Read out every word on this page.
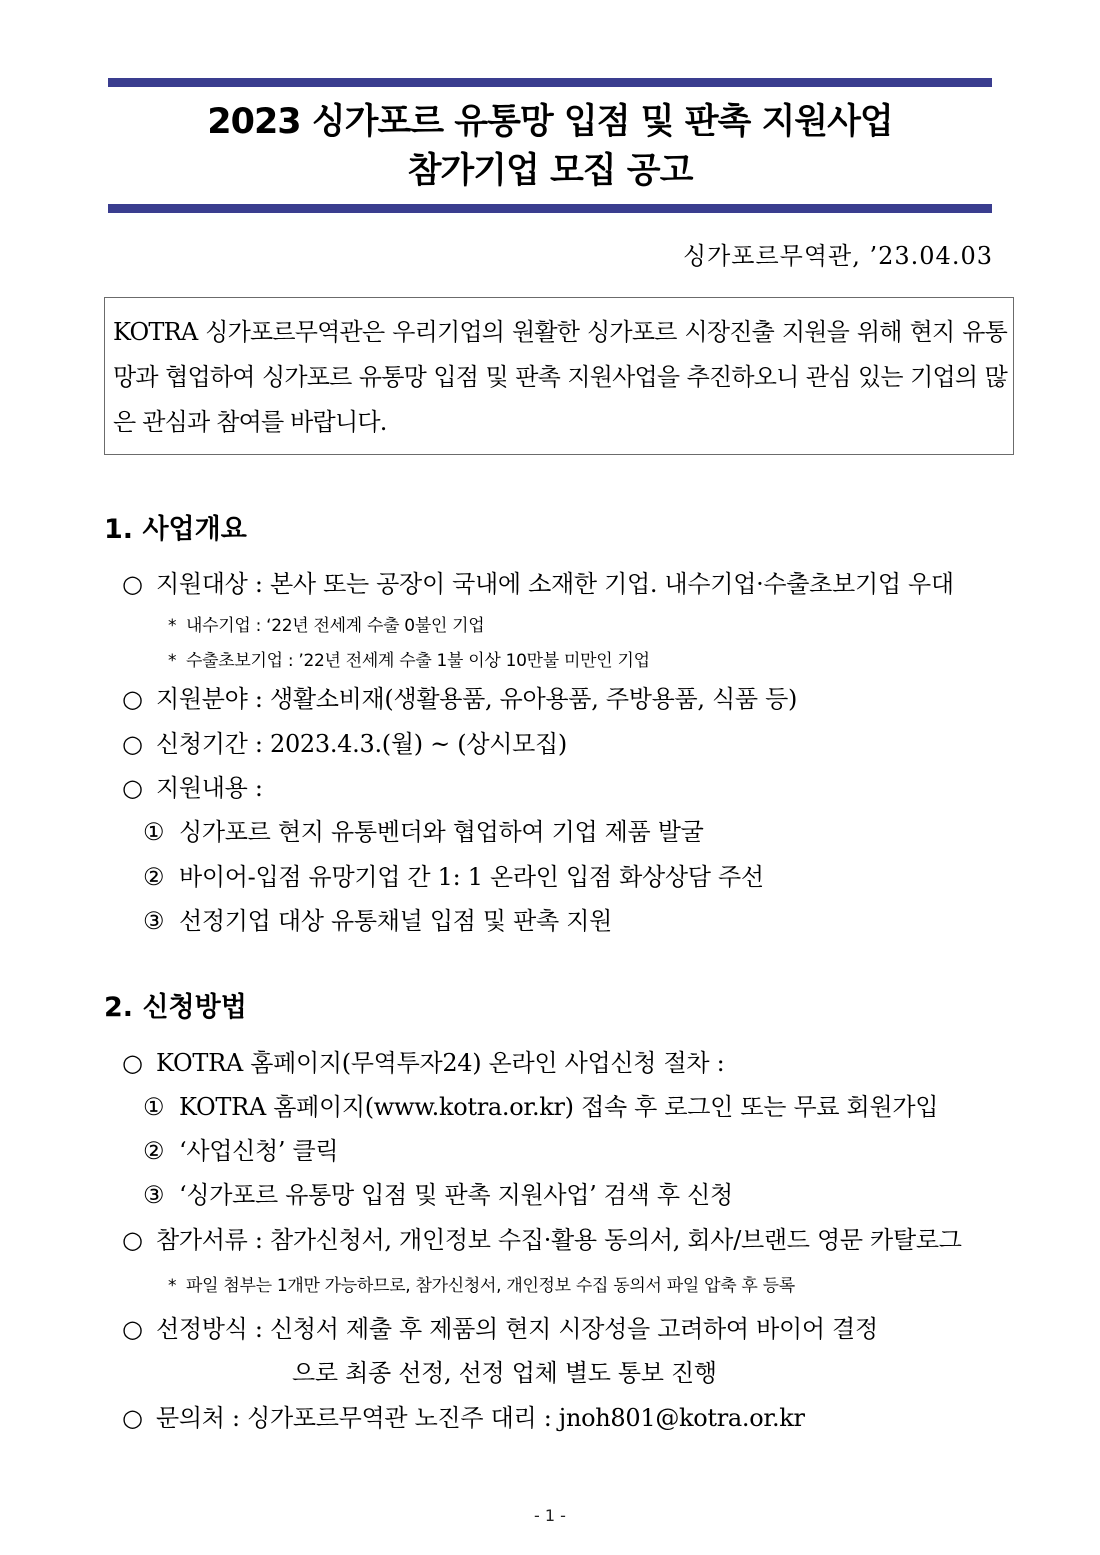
2023 싱가포르 유통망 입점 및 판촉 지원사업
참가기업 모집 공고
싱가포르무역관, ’23.04.03
KOTRA 싱가포르무역관은 우리기업의 원활한 싱가포르 시장진출 지원을 위해 현지 유통망과 협업하여 싱가포르 유통망 입점 및 판촉 지원사업을 추진하오니 관심 있는 기업의 많은 관심과 참여를 바랍니다.
1. 사업개요
○ 지원대상 : 본사 또는 공장이 국내에 소재한 기업. 내수기업·수출초보기업 우대
* 내수기업 : ‘22년 전세계 수출 0불인 기업
* 수출초보기업 : ’22년 전세계 수출 1불 이상 10만불 미만인 기업
○ 지원분야 : 생활소비재(생활용품, 유아용품, 주방용품, 식품 등)
○ 신청기간 : 2023.4.3.(월) ~ (상시모집)
○ 지원내용 :
① 싱가포르 현지 유통벤더와 협업하여 기업 제품 발굴
② 바이어-입점 유망기업 간 1: 1 온라인 입점 화상상담 주선
③ 선정기업 대상 유통채널 입점 및 판촉 지원
2. 신청방법
○ KOTRA 홈페이지(무역투자24) 온라인 사업신청 절차 :
① KOTRA 홈페이지(www.kotra.or.kr) 접속 후 로그인 또는 무료 회원가입
② ‘사업신청’ 클릭
③ ‘싱가포르 유통망 입점 및 판촉 지원사업’ 검색 후 신청
○ 참가서류 : 참가신청서, 개인정보 수집·활용 동의서, 회사/브랜드 영문 카탈로그
* 파일 첨부는 1개만 가능하므로, 참가신청서, 개인정보 수집 동의서 파일 압축 후 등록
○ 선정방식 : 신청서 제출 후 제품의 현지 시장성을 고려하여 바이어 결정
으로 최종 선정, 선정 업체 별도 통보 진행
○ 문의처 : 싱가포르무역관 노진주 대리 : jnoh801@kotra.or.kr
- 1 -
